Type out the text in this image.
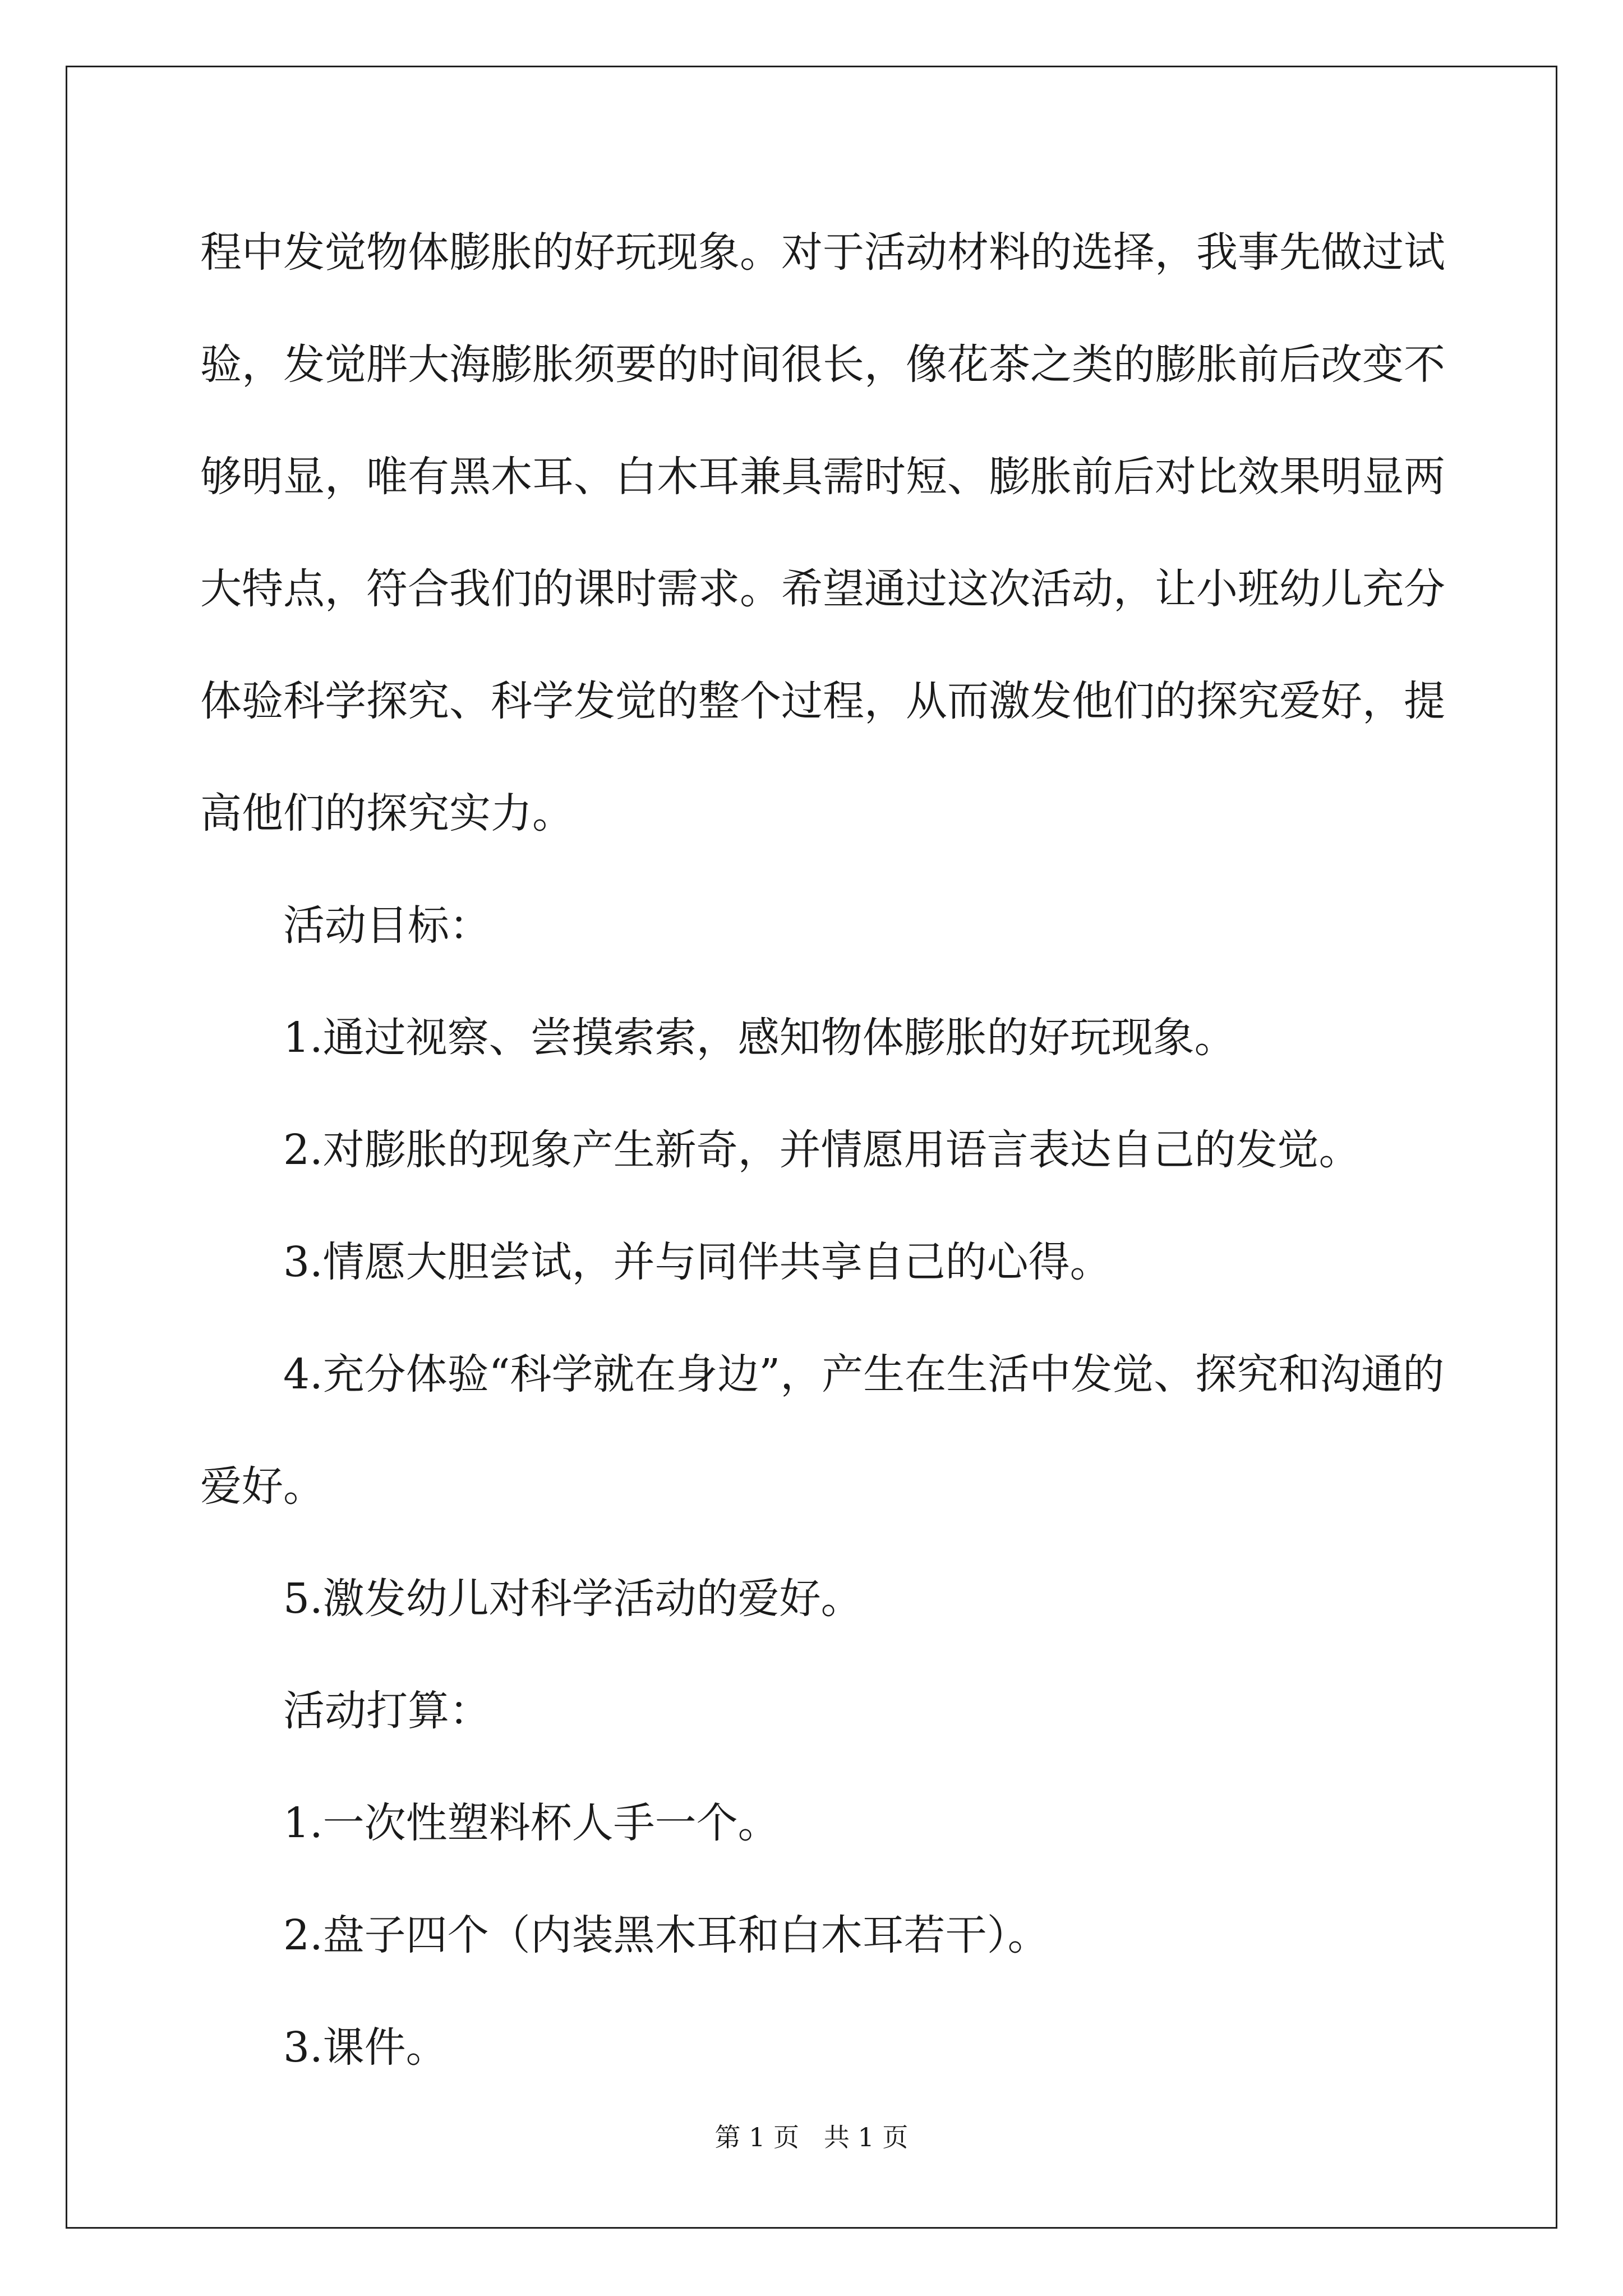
程中发觉物体膨胀的好玩现象。对于活动材料的选择，我事先做过试
验，发觉胖大海膨胀须要的时间很长，像花茶之类的膨胀前后改变不
够明显，唯有黑木耳、白木耳兼具需时短、膨胀前后对比效果明显两
大特点，符合我们的课时需求。希望通过这次活动，让小班幼儿充分
体验科学探究、科学发觉的整个过程，从而激发他们的探究爱好，提
高他们的探究实力。
活动目标：
1.通过视察、尝摸索索，感知物体膨胀的好玩现象。
2.对膨胀的现象产生新奇，并情愿用语言表达自己的发觉。
3.情愿大胆尝试，并与同伴共享自己的心得。
4.充分体验“科学就在身边”，产生在生活中发觉、探究和沟通的
爱好。
5.激发幼儿对科学活动的爱好。
活动打算：
1.一次性塑料杯人手一个。
2.盘子四个（内装黑木耳和白木耳若干）。
3.课件。
第 1 页   共 1 页
